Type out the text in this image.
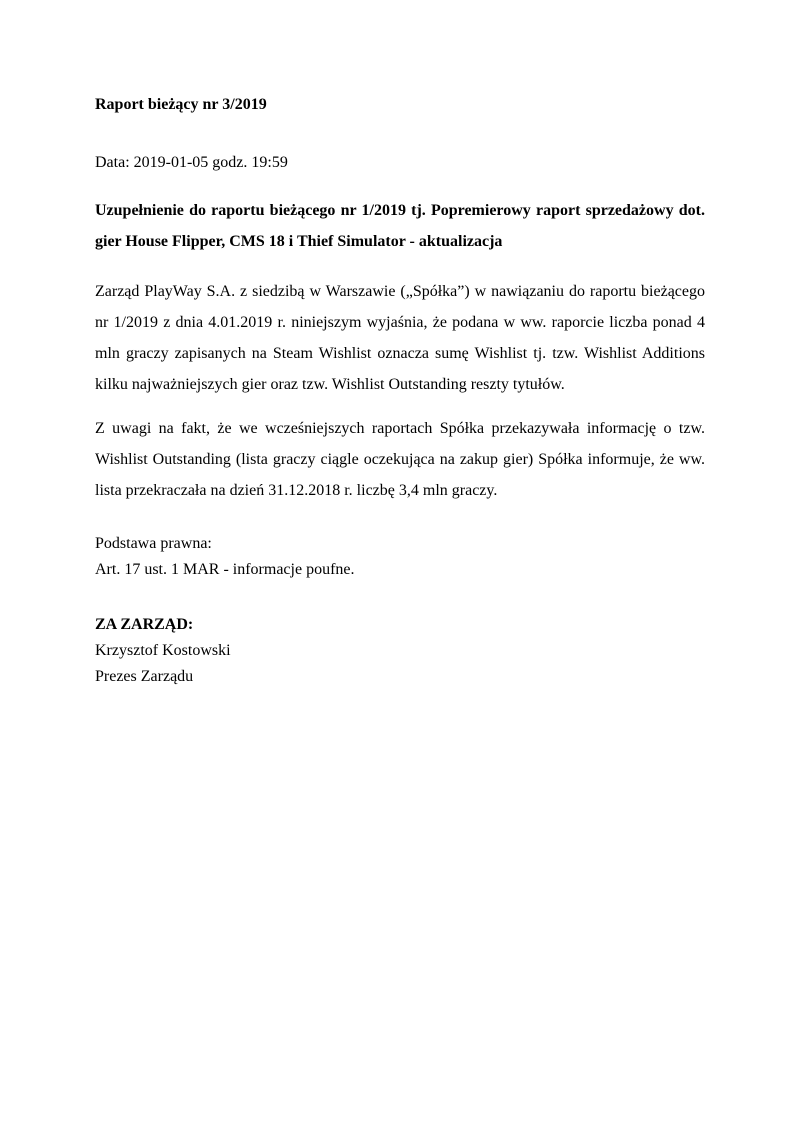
Raport bieżący nr 3/2019
Data: 2019-01-05 godz. 19:59

Uzupełnienie do raportu bieżącego nr 1/2019 tj. Popremierowy raport sprzedażowy dot. gier House Flipper, CMS 18 i Thief Simulator - aktualizacja

Zarząd PlayWay S.A. z siedzibą w Warszawie („Spółka”) w nawiązaniu do raportu bieżącego nr 1/2019 z dnia 4.01.2019 r. niniejszym wyjaśnia, że podana w ww. raporcie liczba ponad 4 mln graczy zapisanych na Steam Wishlist oznacza sumę Wishlist tj. tzw. Wishlist Additions kilku najważniejszych gier oraz tzw. Wishlist Outstanding reszty tytułów.

Z uwagi na fakt, że we wcześniejszych raportach Spółka przekazywała informację o tzw. Wishlist Outstanding (lista graczy ciągle oczekująca na zakup gier) Spółka informuje, że ww. lista przekraczała na dzień 31.12.2018 r. liczbę 3,4 mln graczy.

Podstawa prawna:
Art. 17 ust. 1 MAR - informacje poufne.
ZA ZARZĄD:
Krzysztof Kostowski
Prezes Zarządu
